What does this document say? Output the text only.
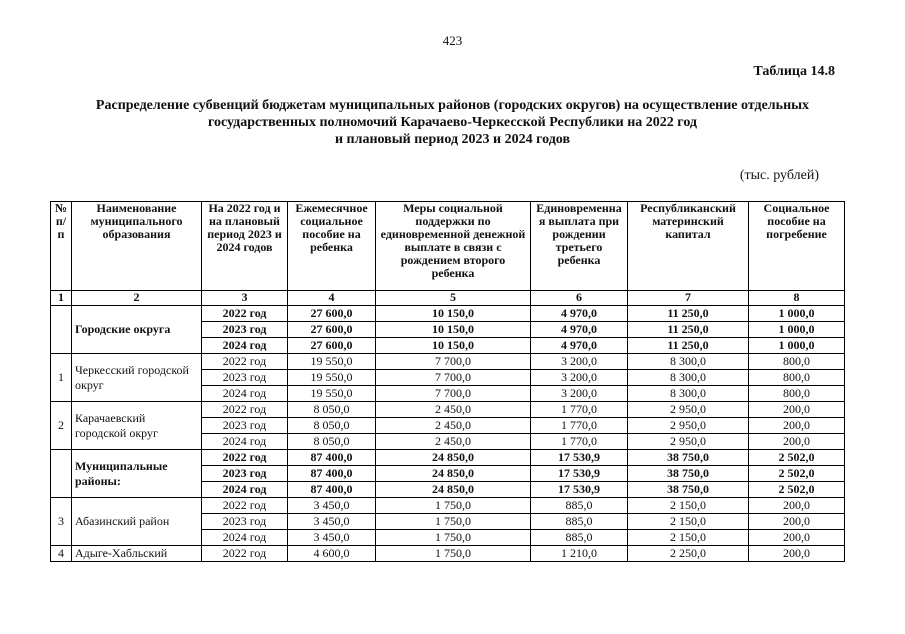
423
Таблица 14.8
Распределение субвенций бюджетам муниципальных районов (городских округов) на осуществление отдельных
государственных полномочий Карачаево-Черкесской Республики на 2022 год
и плановый период 2023 и 2024 годов
(тыс. рублей)
№ п/п	Наименование муниципального образования	На 2022 год и на плановый период 2023 и 2024 годов	Ежемесячное социальное пособие на ребенка	Меры социальной поддержки по единовременной денежной выплате в связи с рождением второго ребенка	Единовременна я выплата при рождении третьего ребенка	Республиканский материнский капитал	Социальное пособие на погребение
1	2	3	4	5	6	7	8
	Городские округа	2022 год	27 600,0	10 150,0	4 970,0	11 250,0	1 000,0
		2023 год	27 600,0	10 150,0	4 970,0	11 250,0	1 000,0
		2024 год	27 600,0	10 150,0	4 970,0	11 250,0	1 000,0
1	Черкесский городской округ	2022 год	19 550,0	7 700,0	3 200,0	8 300,0	800,0
		2023 год	19 550,0	7 700,0	3 200,0	8 300,0	800,0
		2024 год	19 550,0	7 700,0	3 200,0	8 300,0	800,0
2	Карачаевский городской округ	2022 год	8 050,0	2 450,0	1 770,0	2 950,0	200,0
		2023 год	8 050,0	2 450,0	1 770,0	2 950,0	200,0
		2024 год	8 050,0	2 450,0	1 770,0	2 950,0	200,0
	Муниципальные районы:	2022 год	87 400,0	24 850,0	17 530,9	38 750,0	2 502,0
		2023 год	87 400,0	24 850,0	17 530,9	38 750,0	2 502,0
		2024 год	87 400,0	24 850,0	17 530,9	38 750,0	2 502,0
3	Абазинский район	2022 год	3 450,0	1 750,0	885,0	2 150,0	200,0
		2023 год	3 450,0	1 750,0	885,0	2 150,0	200,0
		2024 год	3 450,0	1 750,0	885,0	2 150,0	200,0
4	Адыге-Хабльский	2022 год	4 600,0	1 750,0	1 210,0	2 250,0	200,0
